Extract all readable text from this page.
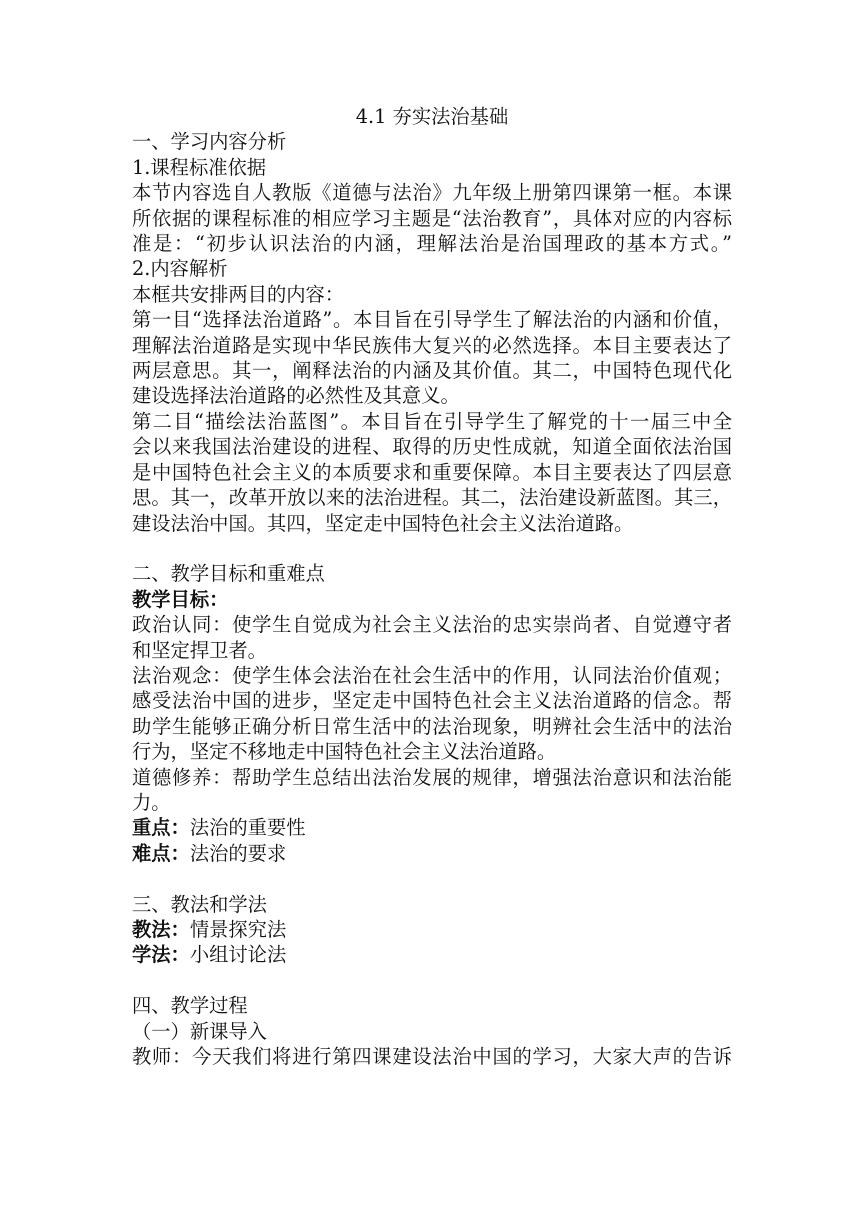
4.1 夯实法治基础

一、学习内容分析

1.课程标准依据

本节内容选自人教版《道德与法治》九年级上册第四课第一框。本课

所依据的课程标准的相应学习主题是“法治教育”，具体对应的内容标

准是：“初步认识法治的内涵，理解法治是治国理政的基本方式。”

2.内容解析

本框共安排两目的内容：

第一目“选择法治道路”。本目旨在引导学生了解法治的内涵和价值，

理解法治道路是实现中华民族伟大复兴的必然选择。本目主要表达了

两层意思。其一，阐释法治的内涵及其价值。其二，中国特色现代化

建设选择法治道路的必然性及其意义。

第二目“描绘法治蓝图”。本目旨在引导学生了解党的十一届三中全

会以来我国法治建设的进程、取得的历史性成就，知道全面依法治国

是中国特色社会主义的本质要求和重要保障。本目主要表达了四层意

思。其一，改革开放以来的法治进程。其二，法治建设新蓝图。其三，

建设法治中国。其四，坚定走中国特色社会主义法治道路。

二、教学目标和重难点

教学目标：

政治认同：使学生自觉成为社会主义法治的忠实崇尚者、自觉遵守者

和坚定捍卫者。

法治观念：使学生体会法治在社会生活中的作用，认同法治价值观；

感受法治中国的进步，坚定走中国特色社会主义法治道路的信念。帮

助学生能够正确分析日常生活中的法治现象，明辨社会生活中的法治

行为，坚定不移地走中国特色社会主义法治道路。

道德修养：帮助学生总结出法治发展的规律，增强法治意识和法治能

力。

重点：法治的重要性

难点：法治的要求

三、教法和学法

教法：情景探究法

学法：小组讨论法

四、教学过程

（一）新课导入

教师：今天我们将进行第四课建设法治中国的学习，大家大声的告诉
